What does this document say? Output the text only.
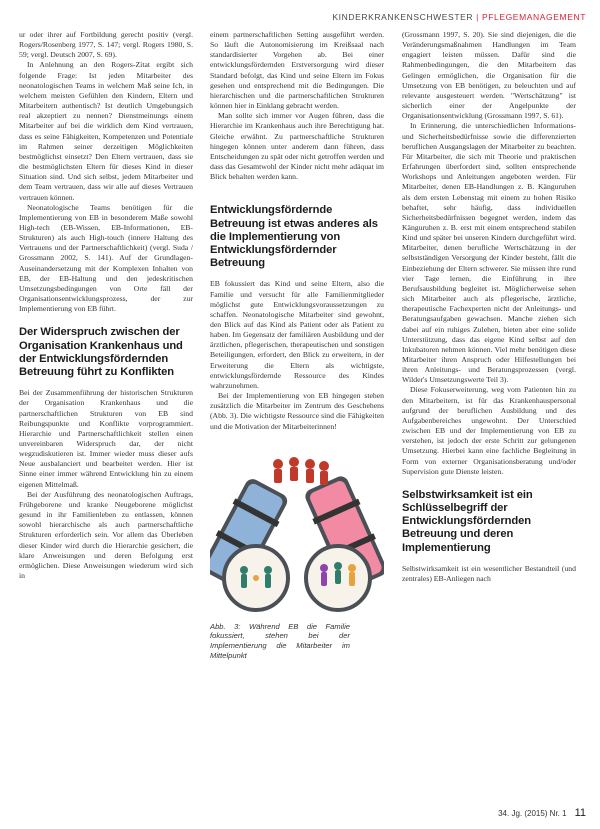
KINDERKRANKENSCHWESTER | PFLEGEMANAGEMENT

ur oder ihrer auf Fortbildung gerecht positiv (vergl. Rogers/Rosenberg 1977, S. 147; vergl. Rogers 1980, S. 59; vergl. Deutsch 2007, S. 69).

In Anlehnung an den Rogers-Zitat ergibt sich folgende Frage: Ist jeden Mitarbeiter des neonatologischen Teams in welchem Maß seine Ich, in welchem meisten Gefühlen den Kindern, Eltern und Mitarbeitern authentisch? Ist deutlich Umgebungsich real akzeptiert zu nennen? Dienstmeinungs einem Mitarbeiter auf bei die wirklich dem Kind vertrauen, dass es seine Fähigkeiten, Kompetenzen und Potentiale im Rahmen seiner derzeitigen Möglichkeiten bestmöglichst einsetzt? Den Eltern vertrauen, dass sie die bestmöglichsten Eltern für dieses Kind in dieser Situation sind. Und sich selbst, jedem Mitarbeiter und dem Team vertrauen, dass wir alle auf dieses Vertrauen vertrauen können.

Neonatologische Teams benötigen für die Implementierung von EB in besonderem Maße sowohl High-tech (EB-Wissen, EB-Informationen, EB-Strukturen) als auch High-touch (innere Haltung des Vertrauens und der Partnerschaftlichkeit) (vergl. Suda / Grossmann 2002, S. 141). Auf der Grundlagen-Auseinandersetzung mit der Komplexen Inhalten von EB, der EB-Haltung und den jedeskritischen Umsetzungsbedingungen von Orte fäll der Organisationsentwicklungsprozess, der zur Implementierung von EB führt.

Der Widerspruch zwischen der Organisation Krankenhaus und der Entwicklungsfördernden Betreuung führt zu Konflikten

Bei der Zusammenführung der historischen Strukturen der Organisation Krankenhaus und die partnerschaftlichen Strukturen von EB sind Reibungspunkte und Konflikte vorprogrammiert. Hierarchie und Partnerschaftlichkeit stellen einen unvereinbaren Widerspruch dar, der nicht wegzudiskutieren ist. Immer wieder muss dieser aufs Neue ausbalanciert und bearbeitet werden. Hier ist Sinne einer immer während Entwicklung hin zu einem eigenen Mittelmaß.

Bei der Ausführung des neonatologischen Auftrags, Frühgeborene und kranke Neugeborene möglichst gesund in ihr Familienleben zu entlassen, können sowohl hierarchische als auch partnerschaftliche Strukturen erforderlich sein. Vor allem das Überleben dieser Kinder wird durch die Hierarchie gesichert, die klare Anweisungen und deren Befolgung erst ermöglichen. Diese Anweisungen wiederum wird sich in

einem partnerschaftlichen Setting ausgeführt werden. So läuft die Autonomisierung im Kreißsaal nach standardisierter Vorgehen ab. Bei einer entwicklungsfördernden Erstversorgung wird dieser Standard befolgt, das Kind und seine Eltern im Fokus gesehen und entsprechend mit die Bedingungen. Die hierarchischen und die partnerschaftlichen Strukturen können hier in Einklang gebracht werden.

Man sollte sich immer vor Augen führen, dass die Hierarchie im Krankenhaus auch ihre Berechtigung hat. Gleiche erwähnt. Zu partnerschaftliche Strukturen hingegen können unter anderem dann führen, dass Entscheidungen zu spät oder nicht getroffen werden und dass das Gesamtwohl der Kinder nicht mehr adäquat im Blick behalten werden kann.

Entwicklungsfördernde Betreuung ist etwas anderes als die Implementierung von Entwicklungsfördernder Betreuung

EB fokussiert das Kind und seine Eltern, also die Familie und versucht für alle Familienmitglieder möglichst gute Entwicklungsvoraussetzungen zu schaffen. Neonatologische Mitarbeiter sind gewohnt, den Blick auf das Kind als Patient oder als Patient zu haben. Im Gegensatz der familiären Ausbildung und der ärztlichen, pflegerischen, therapeutischen und sonstigen Beteiligungen, erfordert, den Blick zu erweitern, in der Erweiterung die Eltern als wichtigste, entwicklungsfördernde Ressource des Kindes wahrzunehmen.

Bei der Implementierung von EB hingegen stehen zusätzlich die Mitarbeiter im Zentrum des Geschehens (Abb. 3). Die wichtigste Ressource sind die Fähigkeiten und die Motivation der Mitarbeiterinnen!

Abb. 3: Während EB die Familie fokussiert, stehen bei der Implementierung die Mitarbeiter im Mittelpunkt

(Grossmann 1997, S. 20). Sie sind diejenigen, die die Veränderungsmaßnahmen Handlungen im Team engagiert leisten müssen. Dafür sind die Rahmenbedingungen, die den Mitarbeitern das Gelingen ermöglichen, die Organisation für die Umsetzung von EB benötigen, zu beleuchten und auf relevante ausgesteuert werden. "Wertschätzung" ist sicherlich einer der Angelpunkte der Organisationsentwicklung (Grossmann 1997, S. 61).

In Erinnerung, die unterschiedlichen Informations- und Sicherheitsbedürfnisse sowie die differenzierten beruflichen Ausgangslagen der Mitarbeiter zu beachten. Für Mitarbeiter, die sich mit Theorie und praktischen Erfahrungen überfordert sind, sollten entsprechende Workshops und Anleitungen angeboten werden. Für Mitarbeiter, denen EB-Handlungen z. B. Känguruhen als dem ersten Lebenstag mit einem zu hohen Risiko behaftet, sehr häufig, dass individuellen Sicherheitsbedürfnissen begegnet werden, indem das Känguruhen z. B. erst mit einem entsprechend stabilen Kind und später bei unseren Kindern durchgeführt wird. Mitarbeiter, denen berufliche Wertschätzung in der selbstständigen Versorgung der Kinder besteht, fällt die Einbeziehung der Eltern schwerer. Sie müssen ihre rund vier Tage lernen, die Einführung in ihre Berufsausbildung begleitet ist. Möglicherweise sehen sich Mitarbeiter auch als pflegerische, ärztliche, therapeutische Fachexperten nicht der Anleitungs- und Beratungsaufgaben gewachsen. Manche ziehen sich dabei auf ein ruhiges Zulehen, bieten aber eine solide Unterstützung, dass das eigene Kind selbst auf den Inkubatoren nehmen können. Viel mehr benötigen diese Mitarbeiter ihren Anspruch oder Hilfestellungen bei ihren Anleitungs- und Beratungsprozessen (vergl. Wilder's Umsetzungswerte Teil 3).

Diese Fokuserweiterung, weg vom Patienten hin zu den Mitarbeitern, ist für das Krankenhauspersonal aufgrund der beruflichen Ausbildung und des Aufgabenbereiches ungewohnt. Der Unterschied zwischen EB und der Implementierung von EB zu verstehen, ist jedoch der erste Schritt zur gelungenen Umsetzung. Hierbei kann eine fachliche Begleitung in Form von externer Organisationsberatung und/oder Supervision gute Dienste leisten.

Selbstwirksamkeit ist ein Schlüsselbegriff der Entwicklungsfördernden Betreuung und deren Implementierung

Selbstwirksamkeit ist ein wesentlicher Bestandteil (und zentrales) EB-Anliegen nach

34. Jg. (2015) Nr. 1 11
